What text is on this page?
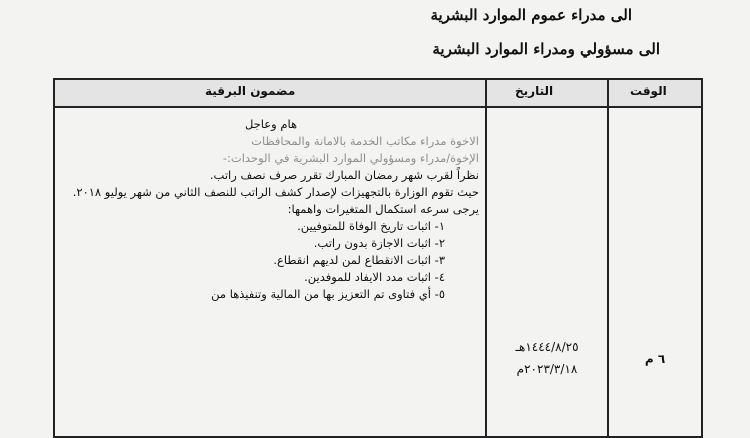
الى مدراء عموم الموارد البشرية
الى مسؤولي ومدراء الموارد البشرية
الوقت
التاريخ
مضمون البرقية
٦ م
١٤٤٤/٨/٢٥هـ
٢٠٢٣/٣/١٨م

هام وعاجل

الاخوة مدراء مكاتب الخدمة بالامانة والمحافظات

الإخوة/مدراء ومسؤولي الموارد البشرية في الوحدات:-

نظراً لقرب شهر رمضان المبارك تقرر صرف نصف راتب.

حيث تقوم الوزارة بالتجهيزات لإصدار كشف الراتب للنصف الثاني من شهر يوليو ٢٠١٨.

يرجى سرعه استكمال المتغيرات واهمها:

١- اثبات تاريخ الوفاة للمتوفيين.

٢- اثبات الاجازة بدون راتب.

٣- اثبات الانقطاع لمن لديهم انقطاع.

٤- اثبات مدد الايفاد للموفدين.

٥- أي فتاوى تم التعزيز بها من المالية وتنفيذها من
